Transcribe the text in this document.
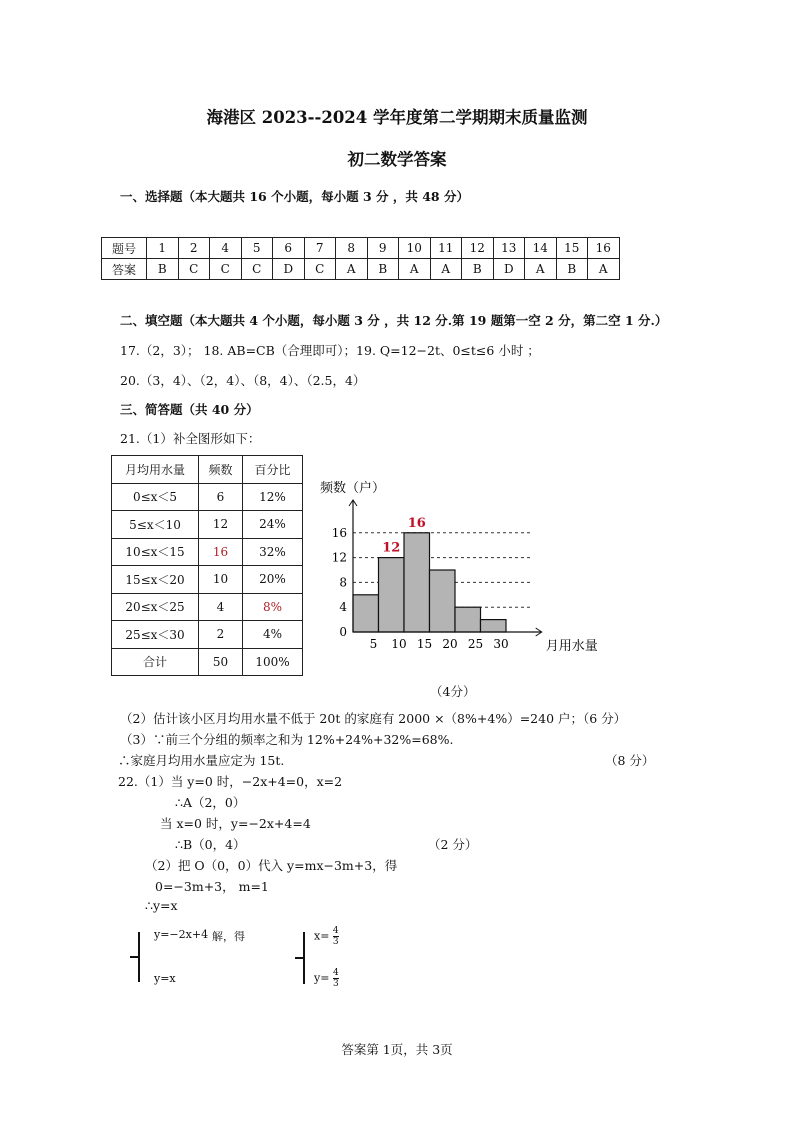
海港区 2023--2024 学年度第二学期期末质量监测
初二数学答案
一、选择题（本大题共 16 个小题，每小题 3 分 ，共 48 分）
题号	1	2	4	5	6	7	8	9	10	11	12	13	14	15	16
答案	B	C	C	C	D	C	A	B	A	A	B	D	A	B	A
二、填空题（本大题共 4 个小题，每小题 3 分 ，共 12 分.第 19 题第一空 2 分，第二空 1 分.）
17.（2，3）； 18. AB=CB（合理即可）；19. Q=12−2t、0≤t≤6 小时 ；
20.（3，4）、（2，4）、（8，4）、（2.5，4）
三、简答题（共 40 分）
21.（1）补全图形如下：
月均用水量	频数	百分比
0≤x＜5	6	12%
5≤x＜10	12	24%
10≤x＜15	16	32%
15≤x＜20	10	20%
20≤x＜25	4	8%
25≤x＜30	2	4%
合计	50	100%
4
8
12
16
0
5 10 15 20 25 30
12
16
频数（户）
月用水量
（4分）
（2）估计该小区月均用水量不低于 20t 的家庭有 2000 ×（8%+4%）=240 户；（6 分）
（3）∵前三个分组的频率之和为 12%+24%+32%=68%.
∴家庭月均用水量应定为 15t.	（8 分）
22.（1）当 y=0 时，−2x+4=0，x=2
∴A（2，0）
当 x=0 时，y=−2x+4=4
∴B（0，4）	（2 分）
（2）把 O（0，0）代入 y=mx−3m+3，得
0=−3m+3， m=1
∴y=x
y=−2x+4
y=x
解，得	$x= \frac{4}{3}$
$y= \frac{4}{3}$
答案第 1页，共 3页
